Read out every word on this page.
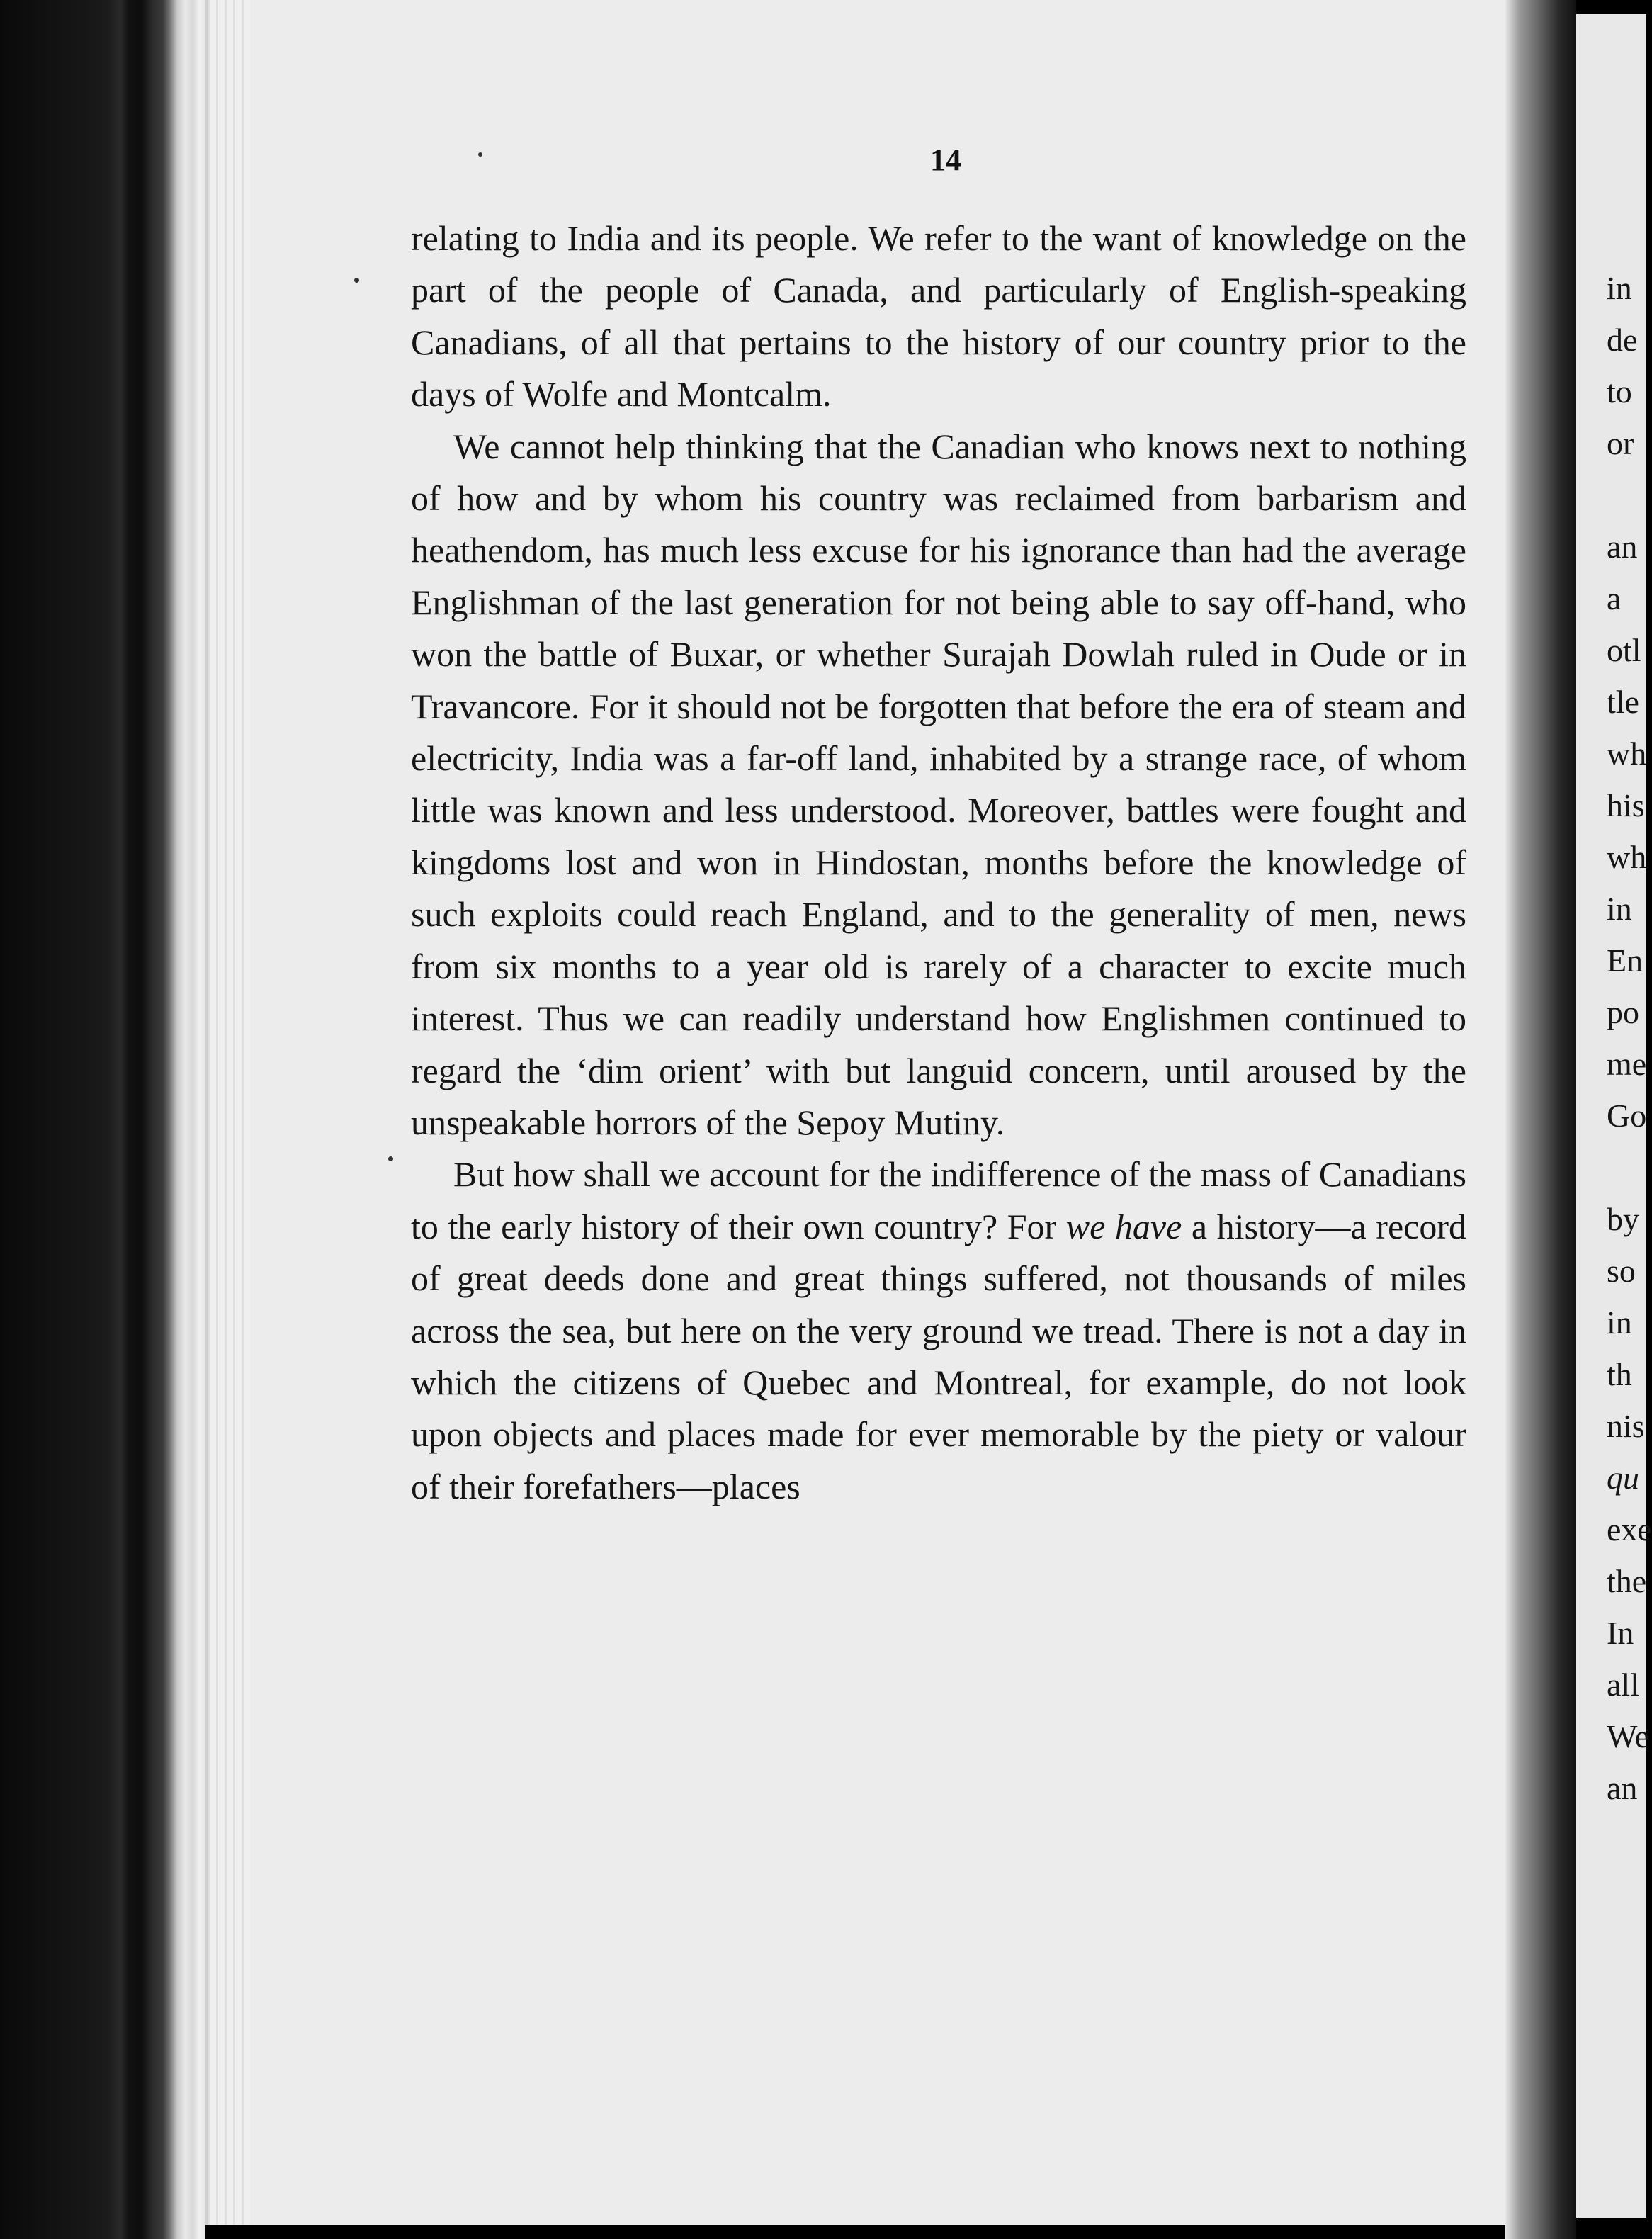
14

relating to India and its people. We refer to the want of knowledge on the part of the people of Canada, and particularly of English-speaking Canadians, of all that pertains to the history of our country prior to the days of Wolfe and Montcalm.

We cannot help thinking that the Canadian who knows next to nothing of how and by whom his country was reclaimed from barbarism and heathendom, has much less excuse for his ignorance than had the average Englishman of the last generation for not being able to say off-hand, who won the battle of Buxar, or whether Surajah Dowlah ruled in Oude or in Travancore. For it should not be forgotten that before the era of steam and electricity, India was a far-off land, inhabited by a strange race, of whom little was known and less understood. Moreover, battles were fought and kingdoms lost and won in Hindostan, months before the knowledge of such exploits could reach England, and to the generality of men, news from six months to a year old is rarely of a character to excite much interest. Thus we can readily understand how Englishmen continued to regard the ‘dim orient’ with but languid concern, until aroused by the unspeakable horrors of the Sepoy Mutiny.

But how shall we account for the indifference of the mass of Canadians to the early history of their own country? For we have a history—a record of great deeds done and great things suffered, not thousands of miles across the sea, but here on the very ground we tread. There is not a day in which the citizens of Quebec and Montreal, for example, do not look upon objects and places made for ever memorable by the piety or valour of their forefathers—places

in
de
to
or
an
a
otl
tle
wh
his
wh
in
En
po
me
Go
by
so
in
th
nis
qu
exe
the
In
all
We
an
